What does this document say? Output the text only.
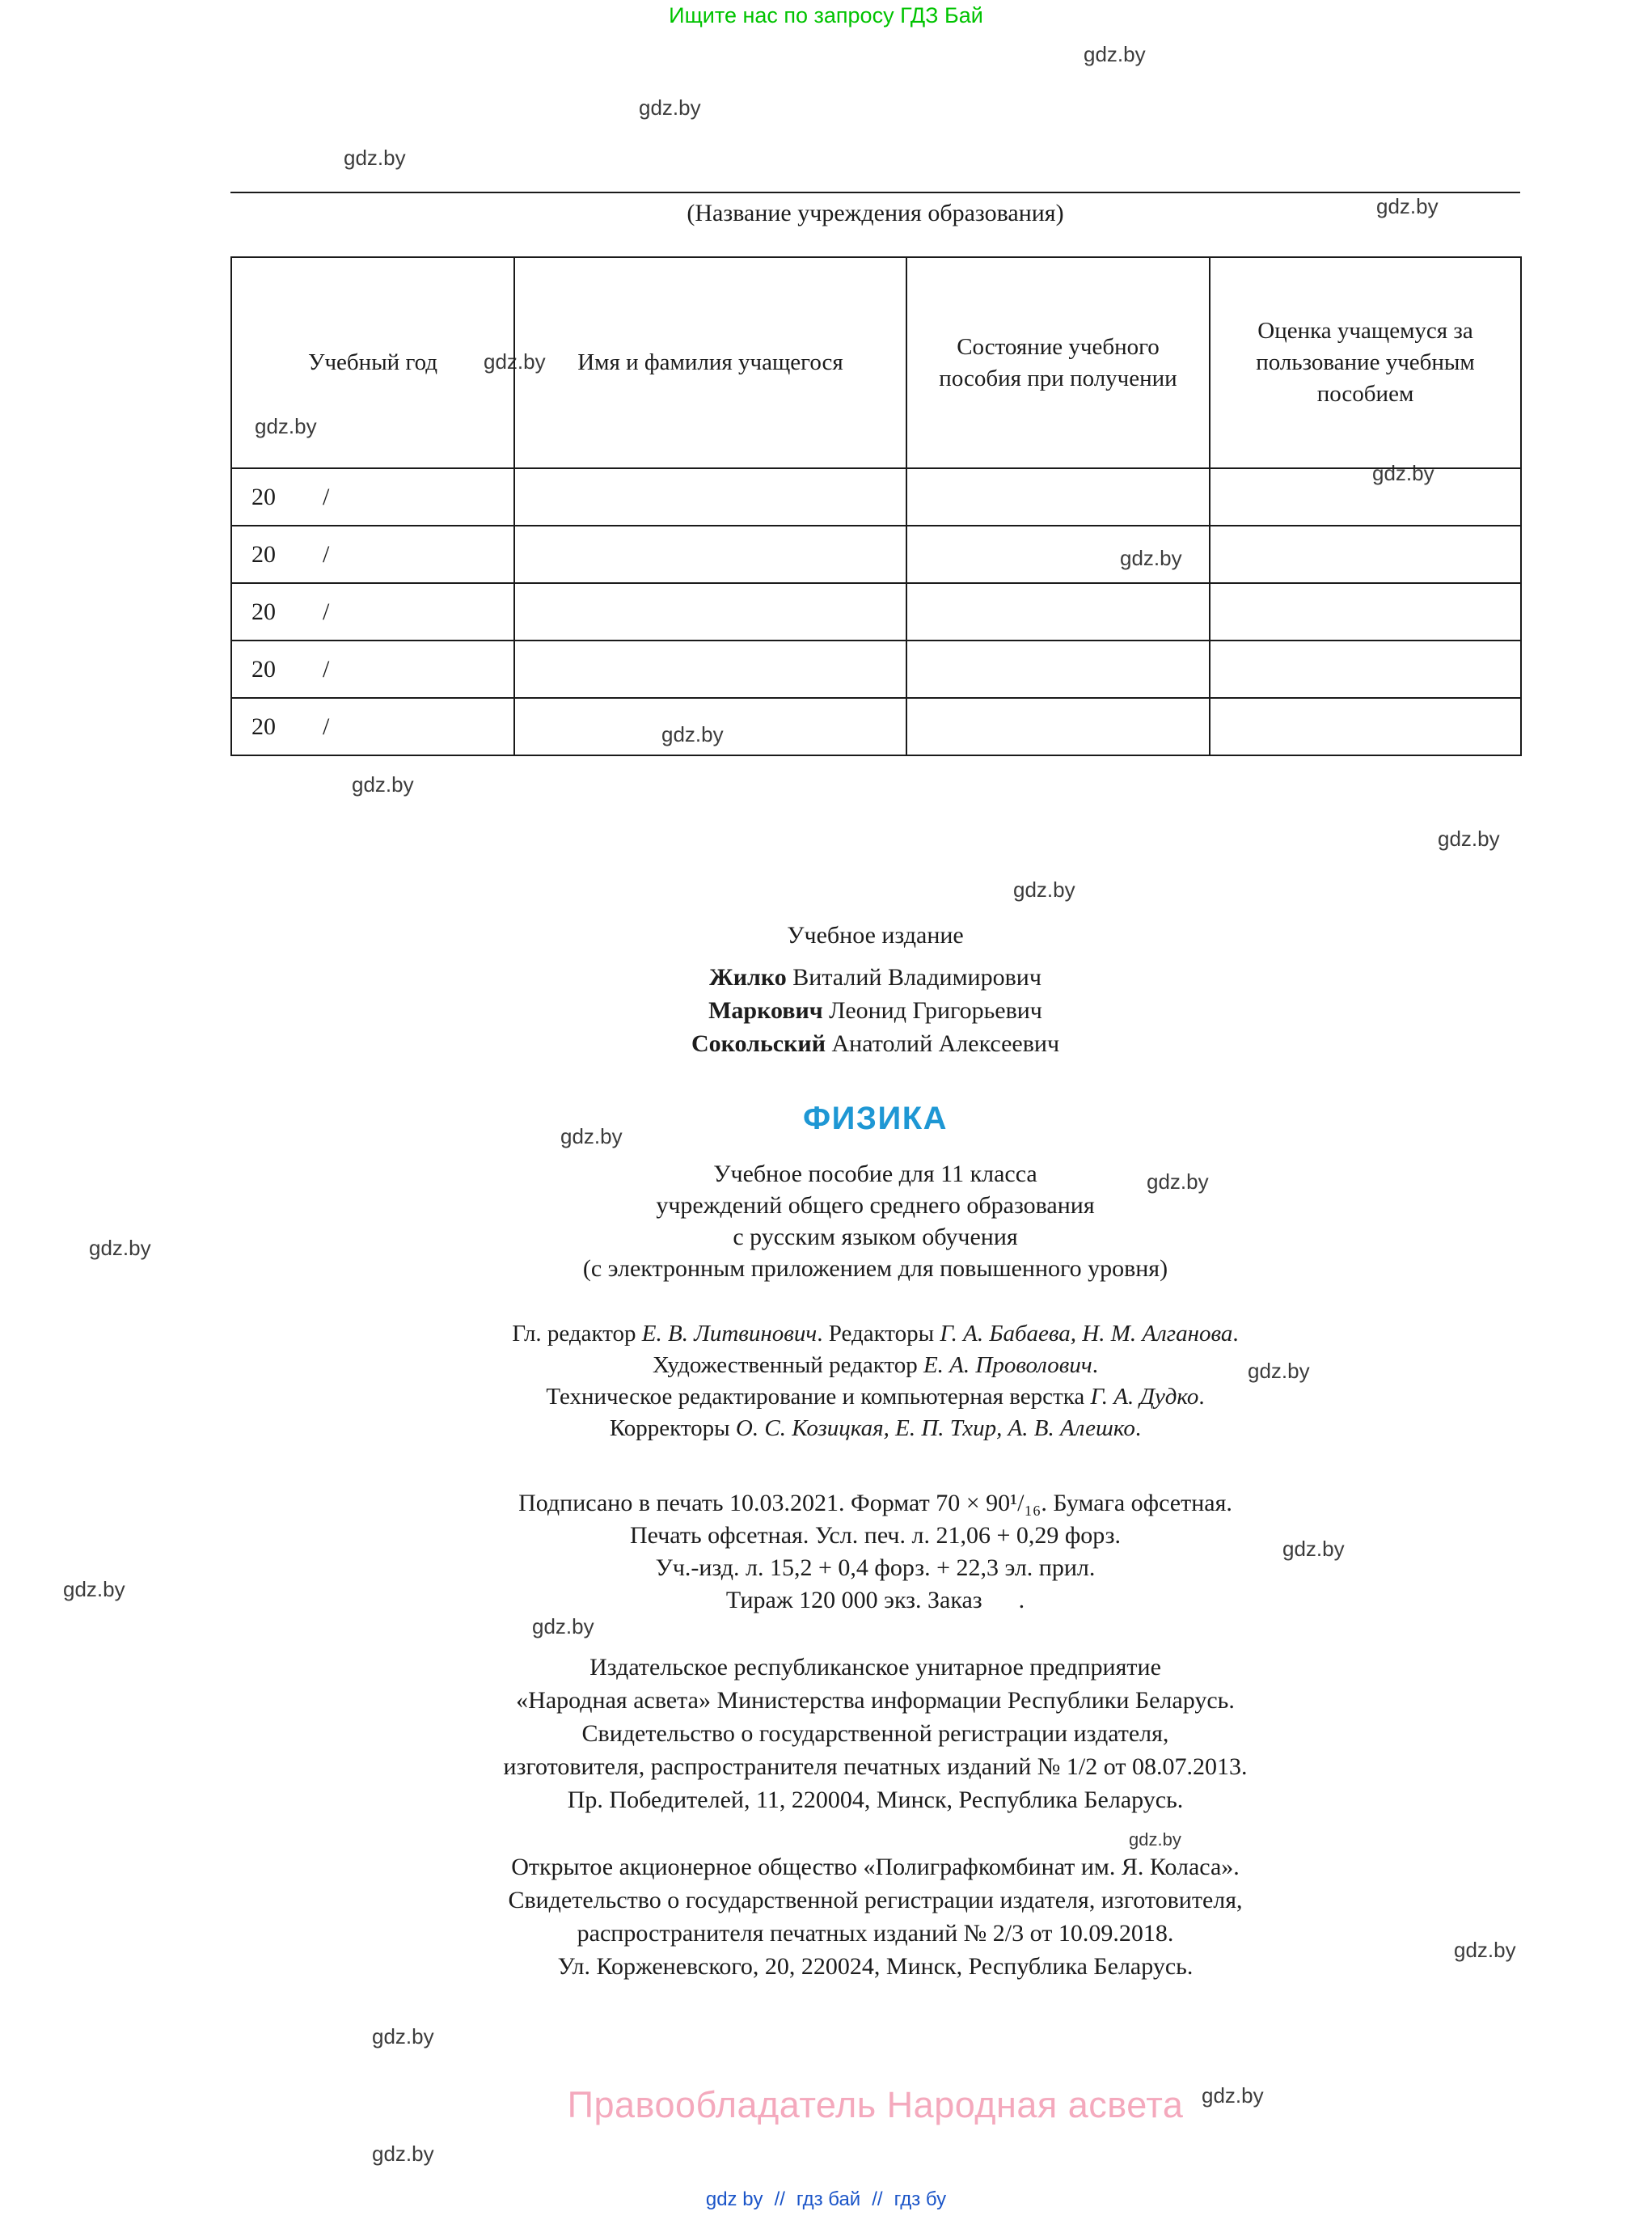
Ищите нас по запросу ГДЗ Бай
gdz.by
gdz.by
gdz.by
gdz.by
gdz.by
gdz.by
gdz.by
gdz.by
gdz.by
gdz.by
gdz.by
gdz.by
gdz.by
gdz.by
gdz.by
gdz.by
gdz.by
gdz.by
gdz.by
gdz.by
gdz.by
gdz.by
gdz.by
gdz.by
(Название учреждения образования)
Учебный год	Имя и фамилия учащегося	Состояние учебного пособия при получении	Оценка учащемуся за пользование учебным пособием
20 /			
20 /			
20 /			
20 /			
20 /			
Учебное издание
Жилко Виталий Владимирович
Маркович Леонид Григорьевич
Сокольский Анатолий Алексеевич
ФИЗИКА
Учебное пособие для 11 класса
учреждений общего среднего образования
с русским языком обучения
(с электронным приложением для повышенного уровня)
Гл. редактор Е. В. Литвинович. Редакторы Г. А. Бабаева, Н. М. Алганова.
Художественный редактор Е. А. Проволович.
Техническое редактирование и компьютерная верстка Г. А. Дудко.
Корректоры О. С. Козицкая, Е. П. Тхир, А. В. Алешко.
Подписано в печать 10.03.2021. Формат 70 × 90¹/₁₆. Бумага офсетная.
Печать офсетная. Усл. печ. л. 21,06 + 0,29 форз.
Уч.-изд. л. 15,2 + 0,4 форз. + 22,3 эл. прил.
Тираж 120 000 экз. Заказ      .
Издательское республиканское унитарное предприятие
«Народная асвета» Министерства информации Республики Беларусь.
Свидетельство о государственной регистрации издателя,
изготовителя, распространителя печатных изданий № 1/2 от 08.07.2013.
Пр. Победителей, 11, 220004, Минск, Республика Беларусь.
Открытое акционерное общество «Полиграфкомбинат им. Я. Коласа».
Свидетельство о государственной регистрации издателя, изготовителя,
распространителя печатных изданий № 2/3 от 10.09.2018.
Ул. Корженевского, 20, 220024, Минск, Республика Беларусь.
Правообладатель Народная асвета
gdz by // гдз бай // гдз бу
